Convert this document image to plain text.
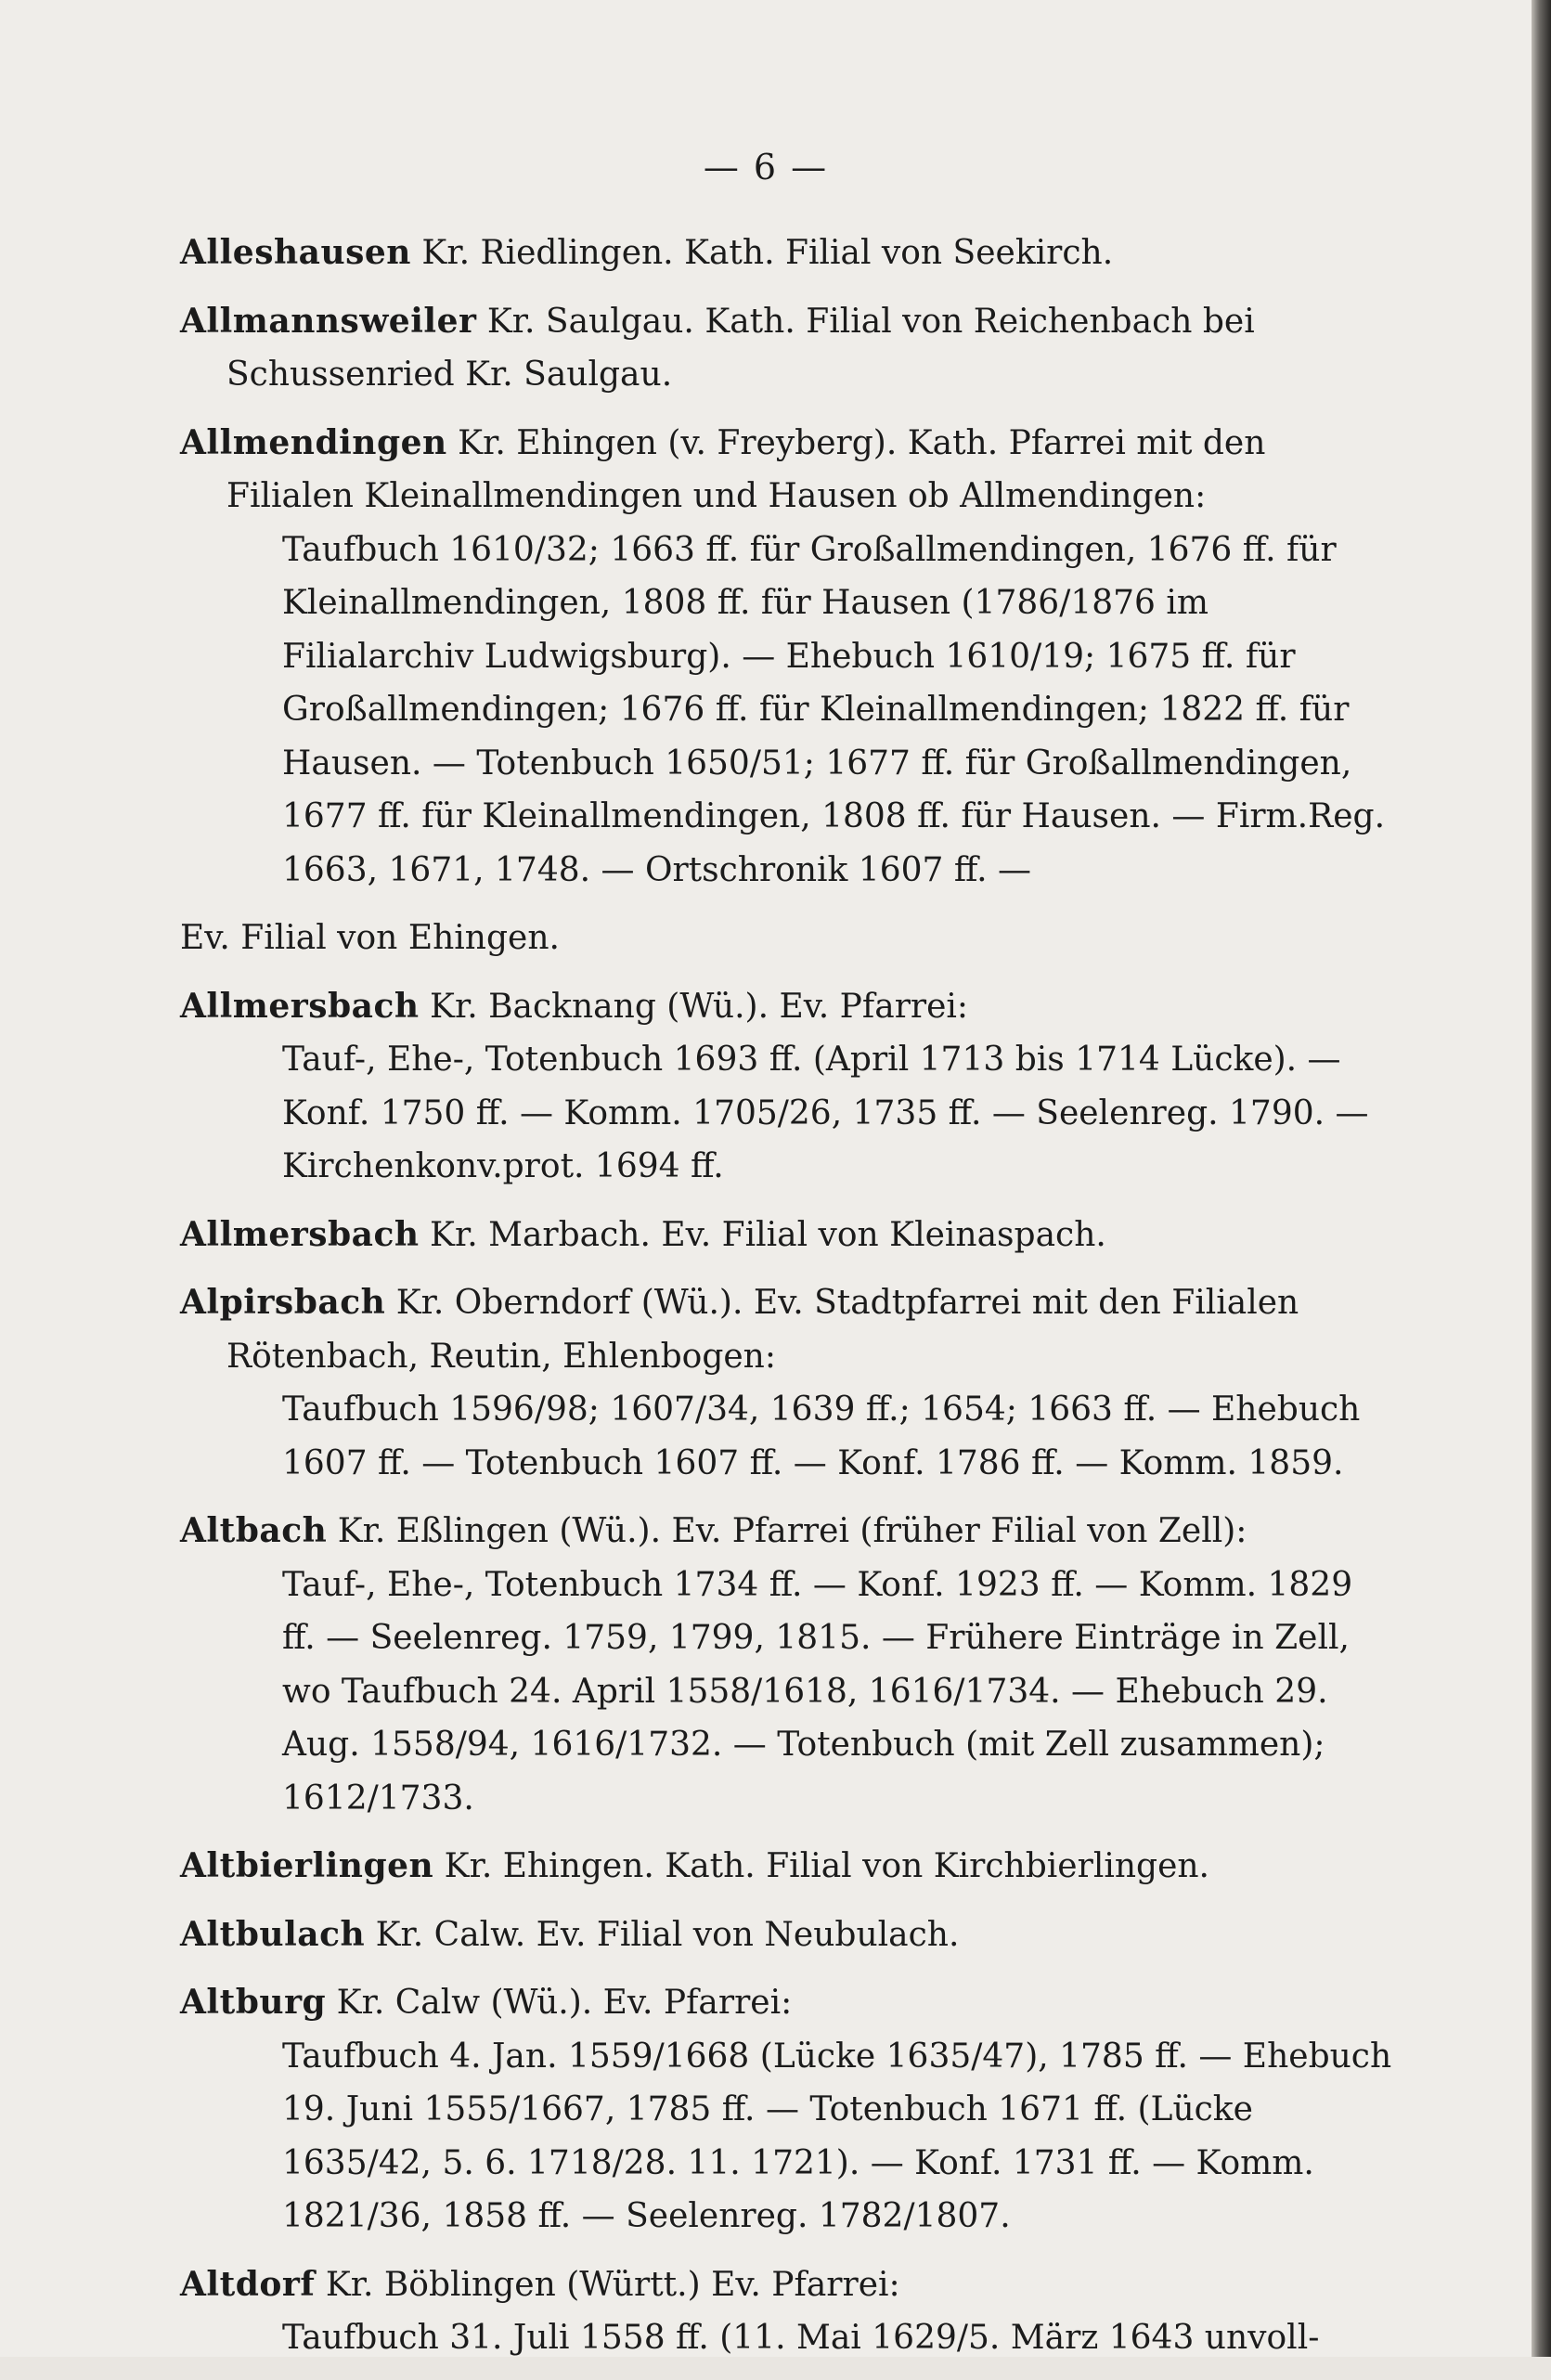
— 6 —

Alleshausen Kr. Riedlingen. Kath. Filial von Seekirch.

Allmannsweiler Kr. Saulgau. Kath. Filial von Reichenbach bei Schussenried Kr. Saulgau.

Allmendingen Kr. Ehingen (v. Freyberg). Kath. Pfarrei mit den Filialen Kleinallmendingen und Hausen ob Allmendingen:
Taufbuch 1610/32; 1663 ff. für Großallmendingen, 1676 ff. für Kleinallmendingen, 1808 ff. für Hausen (1786/1876 im Filialarchiv Ludwigsburg). — Ehebuch 1610/19; 1675 ff. für Großallmendingen; 1676 ff. für Kleinallmendingen; 1822 ff. für Hausen. — Totenbuch 1650/51; 1677 ff. für Großallmendingen, 1677 ff. für Kleinallmendingen, 1808 ff. für Hausen. — Firm.Reg. 1663, 1671, 1748. — Ortschronik 1607 ff. —

Ev. Filial von Ehingen.

Allmersbach Kr. Backnang (Wü.). Ev. Pfarrei:
Tauf-, Ehe-, Totenbuch 1693 ff. (April 1713 bis 1714 Lücke). — Konf. 1750 ff. — Komm. 1705/26, 1735 ff. — Seelenreg. 1790. — Kirchenkonv.prot. 1694 ff.

Allmersbach Kr. Marbach. Ev. Filial von Kleinaspach.

Alpirsbach Kr. Oberndorf (Wü.). Ev. Stadtpfarrei mit den Filialen Rötenbach, Reutin, Ehlenbogen:
Taufbuch 1596/98; 1607/34, 1639 ff.; 1654; 1663 ff. — Ehebuch 1607 ff. — Totenbuch 1607 ff. — Konf. 1786 ff. — Komm. 1859.

Altbach Kr. Eßlingen (Wü.). Ev. Pfarrei (früher Filial von Zell):
Tauf-, Ehe-, Totenbuch 1734 ff. — Konf. 1923 ff. — Komm. 1829 ff. — Seelenreg. 1759, 1799, 1815. — Frühere Einträge in Zell, wo Taufbuch 24. April 1558/1618, 1616/1734. — Ehebuch 29. Aug. 1558/94, 1616/1732. — Totenbuch (mit Zell zusammen); 1612/1733.

Altbierlingen Kr. Ehingen. Kath. Filial von Kirchbierlingen.

Altbulach Kr. Calw. Ev. Filial von Neubulach.

Altburg Kr. Calw (Wü.). Ev. Pfarrei:
Taufbuch 4. Jan. 1559/1668 (Lücke 1635/47), 1785 ff. — Ehebuch 19. Juni 1555/1667, 1785 ff. — Totenbuch 1671 ff. (Lücke 1635/42, 5. 6. 1718/28. 11. 1721). — Konf. 1731 ff. — Komm. 1821/36, 1858 ff. — Seelenreg. 1782/1807.

Altdorf Kr. Böblingen (Württ.) Ev. Pfarrei:
Taufbuch 31. Juli 1558 ff. (11. Mai 1629/5. März 1643 unvoll-
